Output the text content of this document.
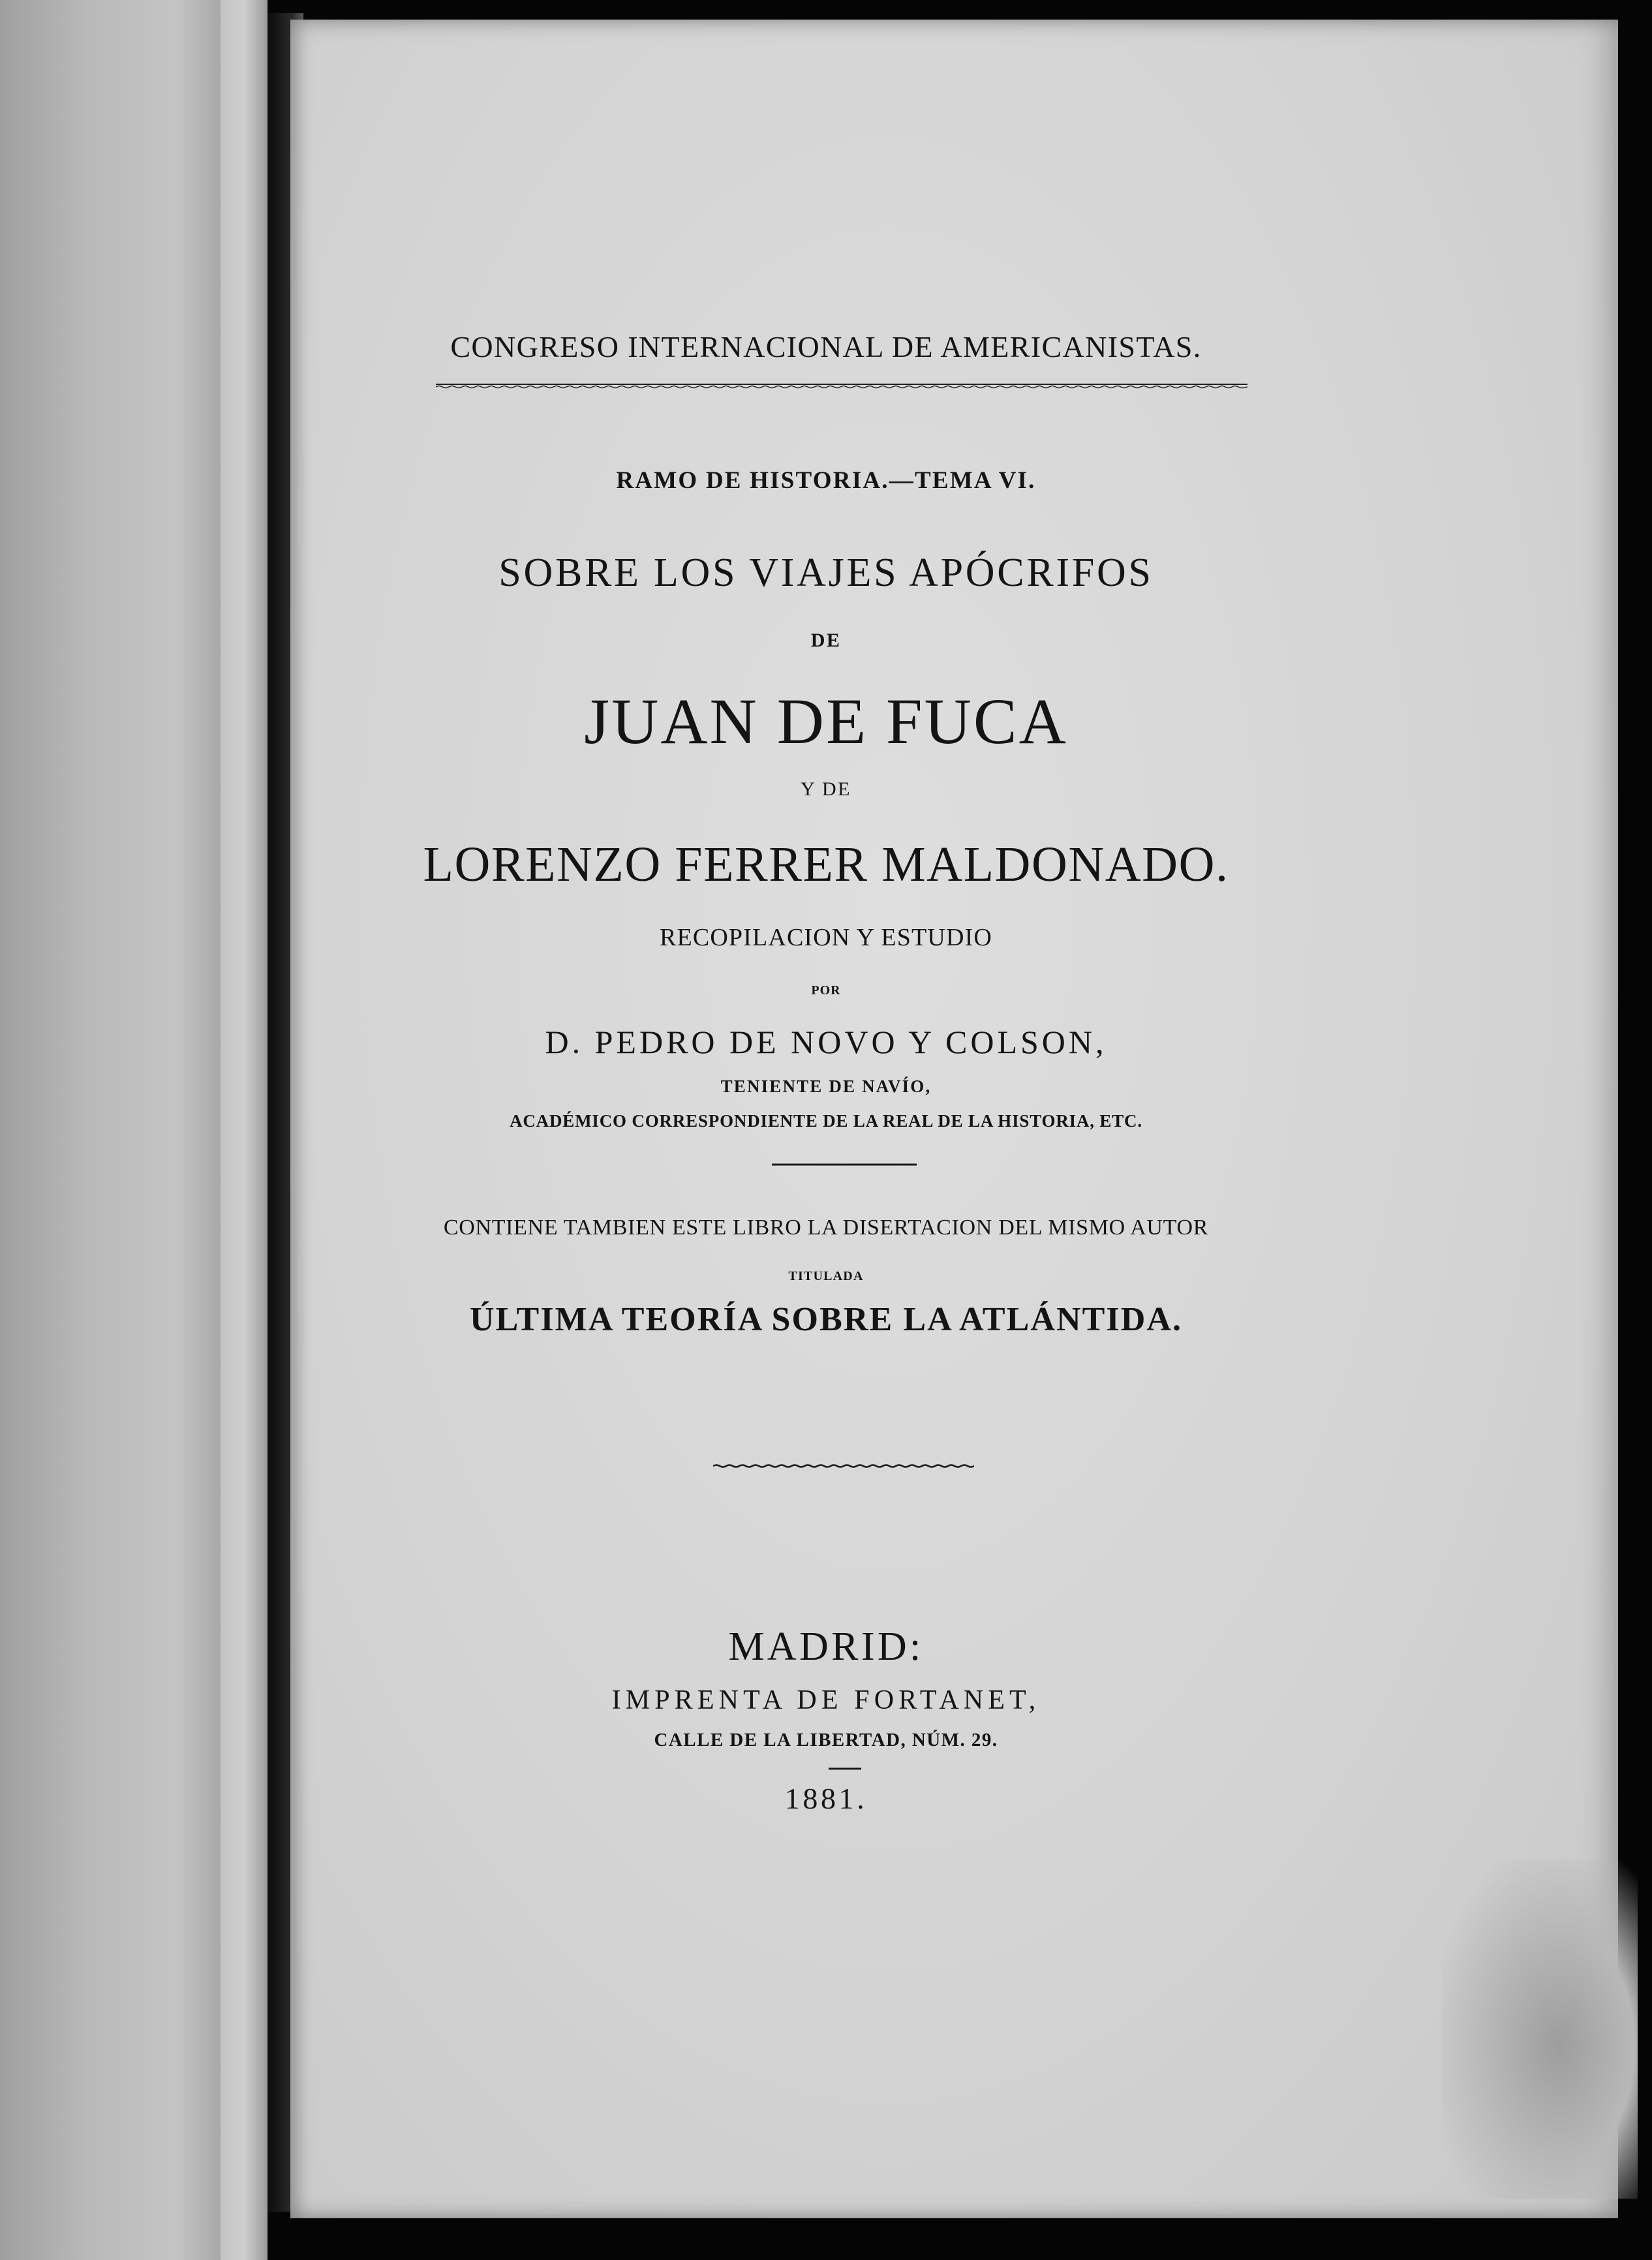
CONGRESO INTERNACIONAL DE AMERICANISTAS.
RAMO DE HISTORIA.—TEMA VI.
SOBRE LOS VIAJES APÓCRIFOS
DE
JUAN DE FUCA
Y DE
LORENZO FERRER MALDONADO.
RECOPILACION Y ESTUDIO
POR
D. PEDRO DE NOVO Y COLSON,
TENIENTE DE NAVÍO,
ACADÉMICO CORRESPONDIENTE DE LA REAL DE LA HISTORIA, ETC.
CONTIENE TAMBIEN ESTE LIBRO LA DISERTACION DEL MISMO AUTOR
TITULADA
ÚLTIMA TEORÍA SOBRE LA ATLÁNTIDA.
MADRID:
IMPRENTA DE FORTANET,
CALLE DE LA LIBERTAD, NÚM. 29.
1881.
